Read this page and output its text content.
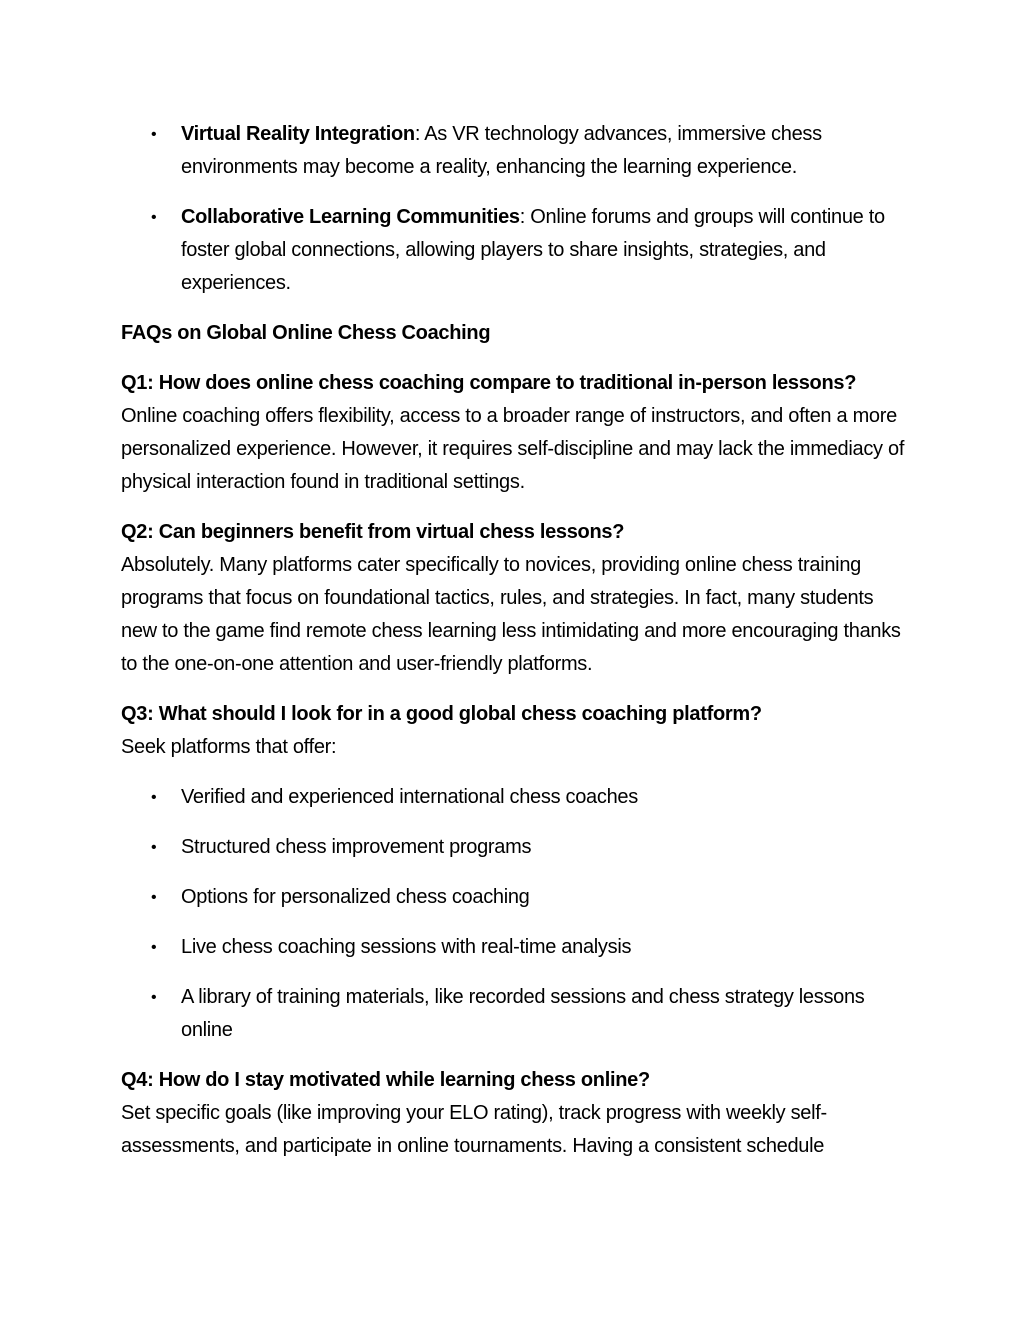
• Virtual Reality Integration: As VR technology advances, immersive chess environments may become a reality, enhancing the learning experience.
• Collaborative Learning Communities: Online forums and groups will continue to foster global connections, allowing players to share insights, strategies, and experiences.

FAQs on Global Online Chess Coaching

Q1: How does online chess coaching compare to traditional in-person lessons?
Online coaching offers flexibility, access to a broader range of instructors, and often a more personalized experience. However, it requires self-discipline and may lack the immediacy of physical interaction found in traditional settings.
Q2: Can beginners benefit from virtual chess lessons?
Absolutely. Many platforms cater specifically to novices, providing online chess training programs that focus on foundational tactics, rules, and strategies. In fact, many students new to the game find remote chess learning less intimidating and more encouraging thanks to the one-on-one attention and user-friendly platforms.
Q3: What should I look for in a good global chess coaching platform?
Seek platforms that offer:
• Verified and experienced international chess coaches
• Structured chess improvement programs
• Options for personalized chess coaching
• Live chess coaching sessions with real-time analysis
• A library of training materials, like recorded sessions and chess strategy lessons online
Q4: How do I stay motivated while learning chess online?
Set specific goals (like improving your ELO rating), track progress with weekly self-assessments, and participate in online tournaments. Having a consistent schedule
